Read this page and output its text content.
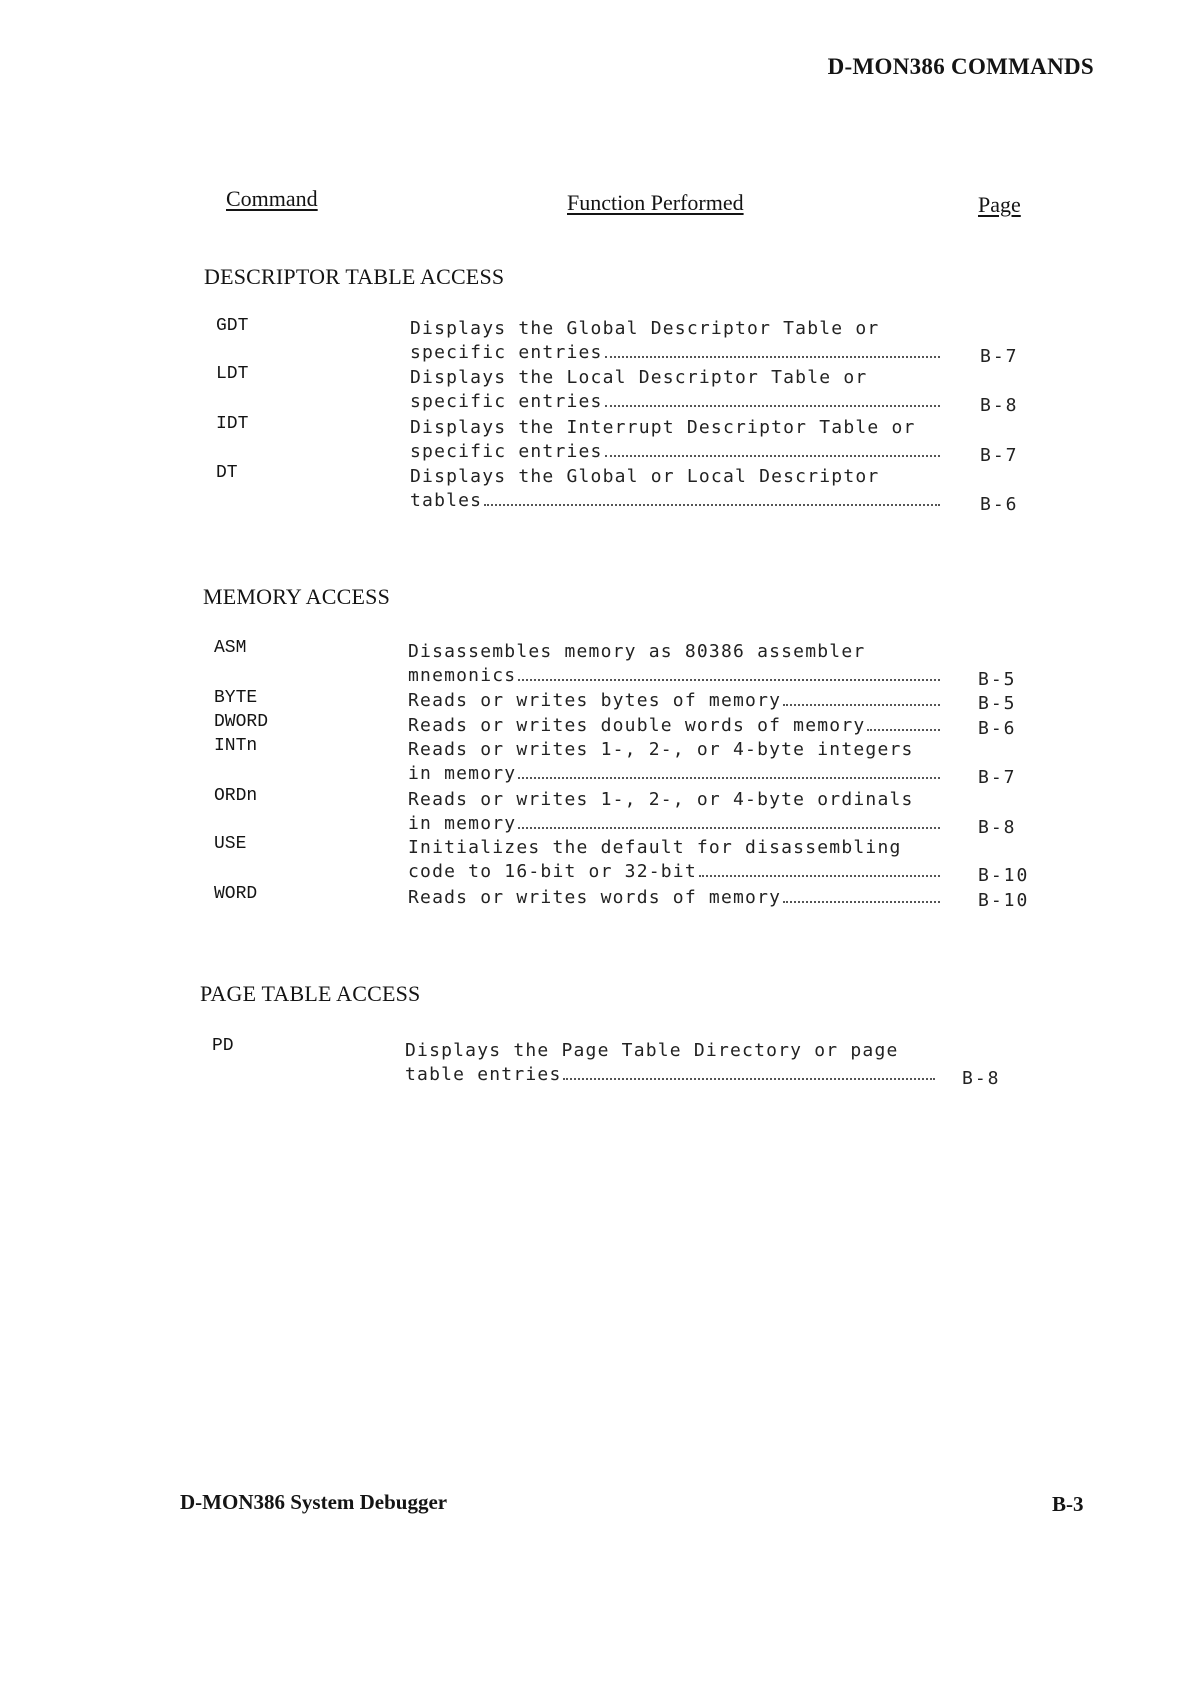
D-MON386 COMMANDS
Command	Function Performed	Page
DESCRIPTOR TABLE ACCESS
GDT	Displays the Global Descriptor Table or
specific entries	B-7
LDT	Displays the Local Descriptor Table or
specific entries	B-8
IDT	Displays the Interrupt Descriptor Table or
specific entries	B-7
DT	Displays the Global or Local Descriptor
tables	B-6
MEMORY ACCESS
ASM	Disassembles memory as 80386 assembler
mnemonics	B-5
BYTE	Reads or writes bytes of memory	B-5
DWORD	Reads or writes double words of memory	B-6
INTn	Reads or writes 1-, 2-, or 4-byte integers
in memory	B-7
ORDn	Reads or writes 1-, 2-, or 4-byte ordinals
in memory	B-8
USE	Initializes the default for disassembling
code to 16-bit or 32-bit	B-10
WORD	Reads or writes words of memory	B-10
PAGE TABLE ACCESS
PD	Displays the Page Table Directory or page
table entries	B-8
D-MON386 System Debugger	B-3
